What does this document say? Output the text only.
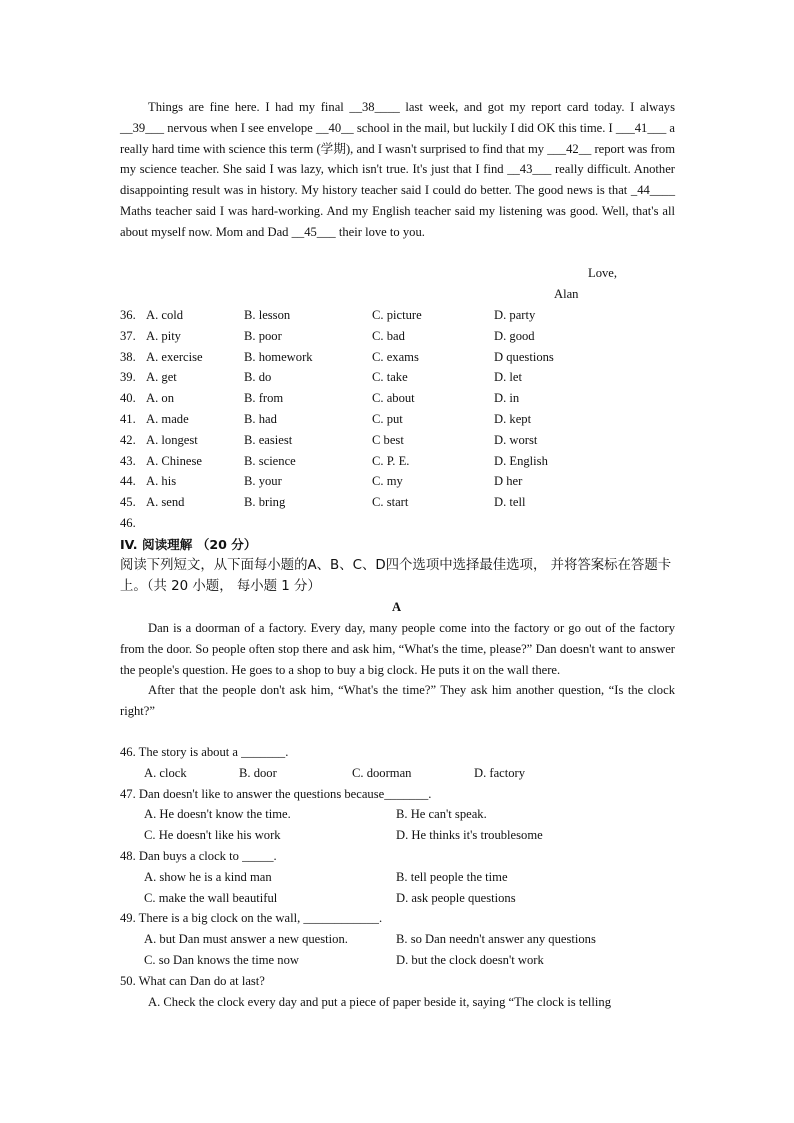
Things are fine here. I had my final __38____ last week, and got my report card today. I always __39___ nervous when I see envelope __40__ school in the mail, but luckily I did OK this time. I ___41___ a really hard time with science this term (学期), and I wasn't surprised to find that my ___42__ report was from my science teacher. She said I was lazy, which isn't true. It's just that I find __43___ really difficult. Another disappointing result was in history. My history teacher said I could do better. The good news is that _44____ Maths teacher said I was hard-working. And my English teacher said my listening was good. Well, that's all about myself now. Mom and Dad __45___ their love to you.

Love,
Alan
36. A. cold	B. lesson	C. picture	D. party
37. A. pity	B. poor	C. bad	D. good
38. A. exercise	B. homework	C. exams	D questions
39. A. get	B. do	C. take	D. let
40. A. on	B. from	C. about	D. in
41. A. made	B. had	C. put	D. kept
42. A. longest	B. easiest	C best	D. worst
43. A. Chinese	B. science	C. P. E.	D. English
44. A. his	B. your	C. my	D her
45. A. send	B. bring	C. start	D. tell
46.
IV. 阅读理解 （20 分）
阅读下列短文，从下面每小题的A、B、C、D四个选项中选择最佳选项， 并将答案标在答题卡上。（共 20 小题， 每小题 1 分）
A

Dan is a doorman of a factory. Every day, many people come into the factory or go out of the factory from the door. So people often stop there and ask him, “What's the time, please?” Dan doesn't want to answer the people's question. He goes to a shop to buy a big clock. He puts it on the wall there.

After that the people don't ask him, “What's the time?” They ask him another question, “Is the clock right?”

46. The story is about a _______.
A. clock	B. door	C. doorman	D. factory
47. Dan doesn't like to answer the questions because_______.
A. He doesn't know the time.	B. He can't speak.
C. He doesn't like his work	D. He thinks it's troublesome
48. Dan buys a clock to _____.
A. show he is a kind man	B. tell people the time
C. make the wall beautiful	D. ask people questions
49. There is a big clock on the wall, ____________.
A. but Dan must answer a new question.	B. so Dan needn't answer any questions
C. so Dan knows the time now	D. but the clock doesn't work
50. What can Dan do at last?
A. Check the clock every day and put a piece of paper beside it, saying “The clock is telling
